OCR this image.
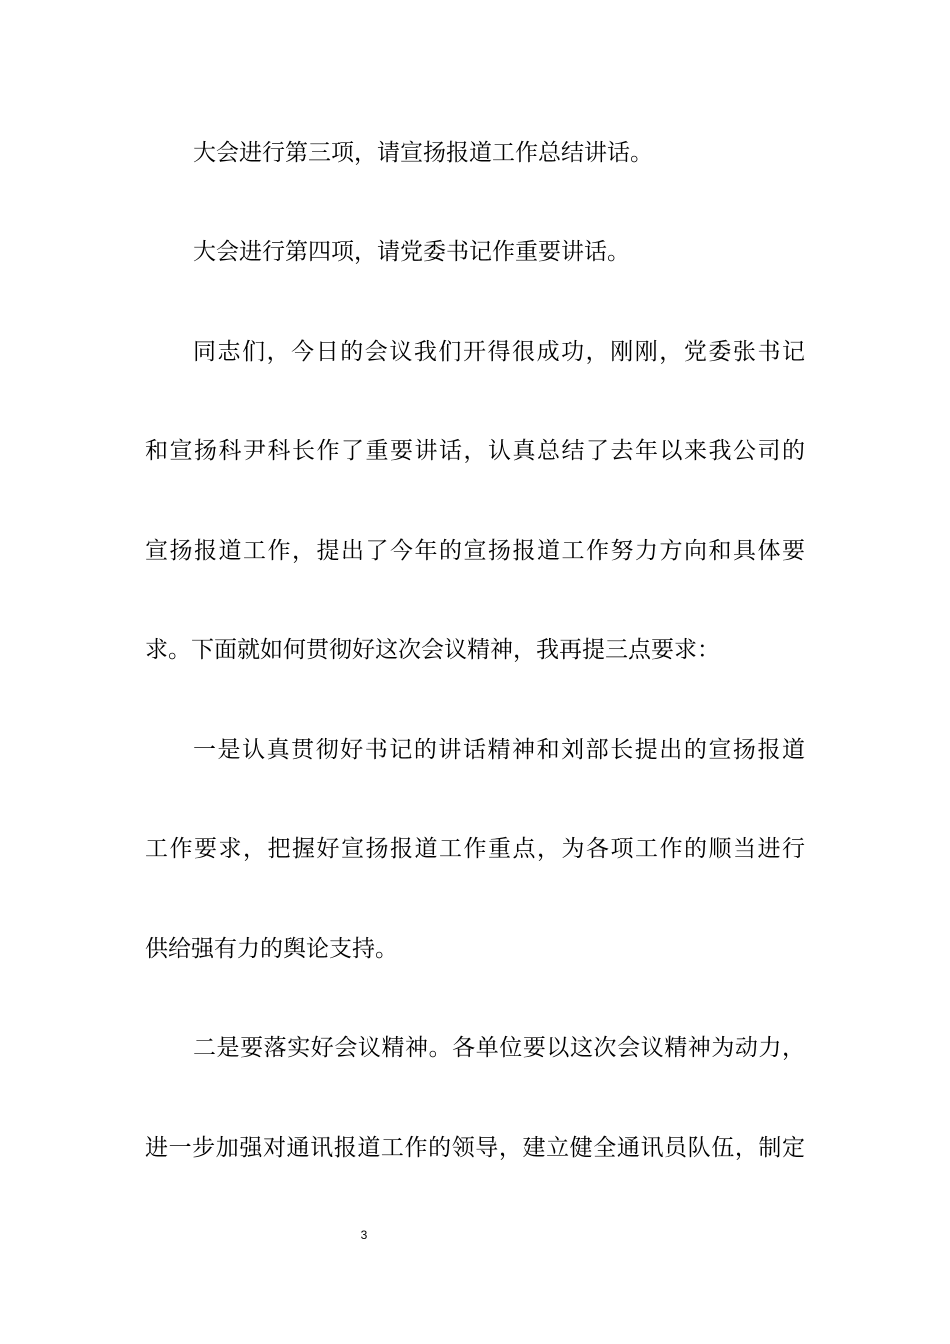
大会进行第三项，请宣扬报道工作总结讲话。
大会进行第四项，请党委书记作重要讲话。
同志们，今日的会议我们开得很成功，刚刚，党委张书记
和宣扬科尹科长作了重要讲话，认真总结了去年以来我公司的
宣扬报道工作，提出了今年的宣扬报道工作努力方向和具体要
求。下面就如何贯彻好这次会议精神，我再提三点要求：
一是认真贯彻好书记的讲话精神和刘部长提出的宣扬报道
工作要求，把握好宣扬报道工作重点，为各项工作的顺当进行
供给强有力的舆论支持。
二是要落实好会议精神。各单位要以这次会议精神为动力，
进一步加强对通讯报道工作的领导，建立健全通讯员队伍，制定
3
